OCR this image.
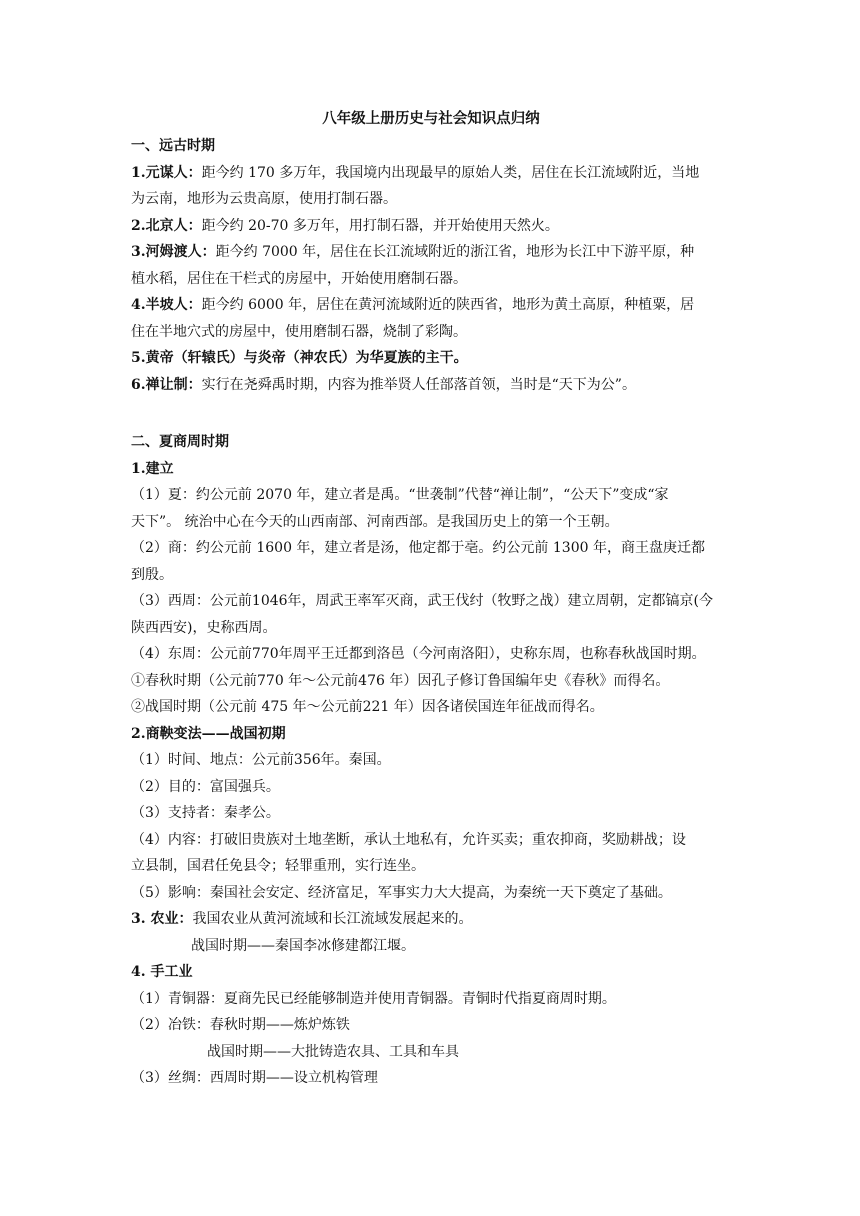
八年级上册历史与社会知识点归纳
一、远古时期
1.元谋人：距今约 170 多万年，我国境内出现最早的原始人类，居住在长江流域附近，当地
为云南，地形为云贵高原，使用打制石器。
2.北京人：距今约 20-70 多万年，用打制石器，并开始使用天然火。
3.河姆渡人：距今约 7000 年，居住在长江流域附近的浙江省，地形为长江中下游平原，种
植水稻，居住在干栏式的房屋中，开始使用磨制石器。
4.半坡人：距今约 6000 年，居住在黄河流域附近的陕西省，地形为黄土高原，种植粟，居
住在半地穴式的房屋中，使用磨制石器，烧制了彩陶。
5.黄帝（轩辕氏）与炎帝（神农氏）为华夏族的主干。
6.禅让制：实行在尧舜禹时期，内容为推举贤人任部落首领，当时是“天下为公”。
二、夏商周时期
1.建立
（1）夏：约公元前 2070 年，建立者是禹。“世袭制”代替“禅让制”，“公天下”变成“家
天下”。 统治中心在今天的山西南部、河南西部。是我国历史上的第一个王朝。
（2）商：约公元前 1600 年，建立者是汤，他定都于亳。约公元前 1300 年，商王盘庚迁都
到殷。
（3）西周：公元前1046年，周武王率军灭商，武王伐纣（牧野之战）建立周朝，定都镐京(今
陕西西安)，史称西周。
（4）东周：公元前770年周平王迁都到洛邑（今河南洛阳），史称东周，也称春秋战国时期。
①春秋时期（公元前770 年～公元前476 年）因孔子修订鲁国编年史《春秋》而得名。
②战国时期（公元前 475 年～公元前221 年）因各诸侯国连年征战而得名。
2.商鞅变法——战国初期
（1）时间、地点：公元前356年。秦国。
（2）目的：富国强兵。
（3）支持者：秦孝公。
（4）内容：打破旧贵族对土地垄断，承认土地私有，允许买卖；重农抑商，奖励耕战；设
立县制，国君任免县令；轻罪重刑，实行连坐。
（5）影响：秦国社会安定、经济富足，军事实力大大提高，为秦统一天下奠定了基础。
3. 农业：我国农业从黄河流域和长江流域发展起来的。
战国时期——秦国李冰修建都江堰。
4. 手工业
（1）青铜器：夏商先民已经能够制造并使用青铜器。青铜时代指夏商周时期。
（2）冶铁：春秋时期——炼炉炼铁
战国时期——大批铸造农具、工具和车具
（3）丝绸：西周时期——设立机构管理
